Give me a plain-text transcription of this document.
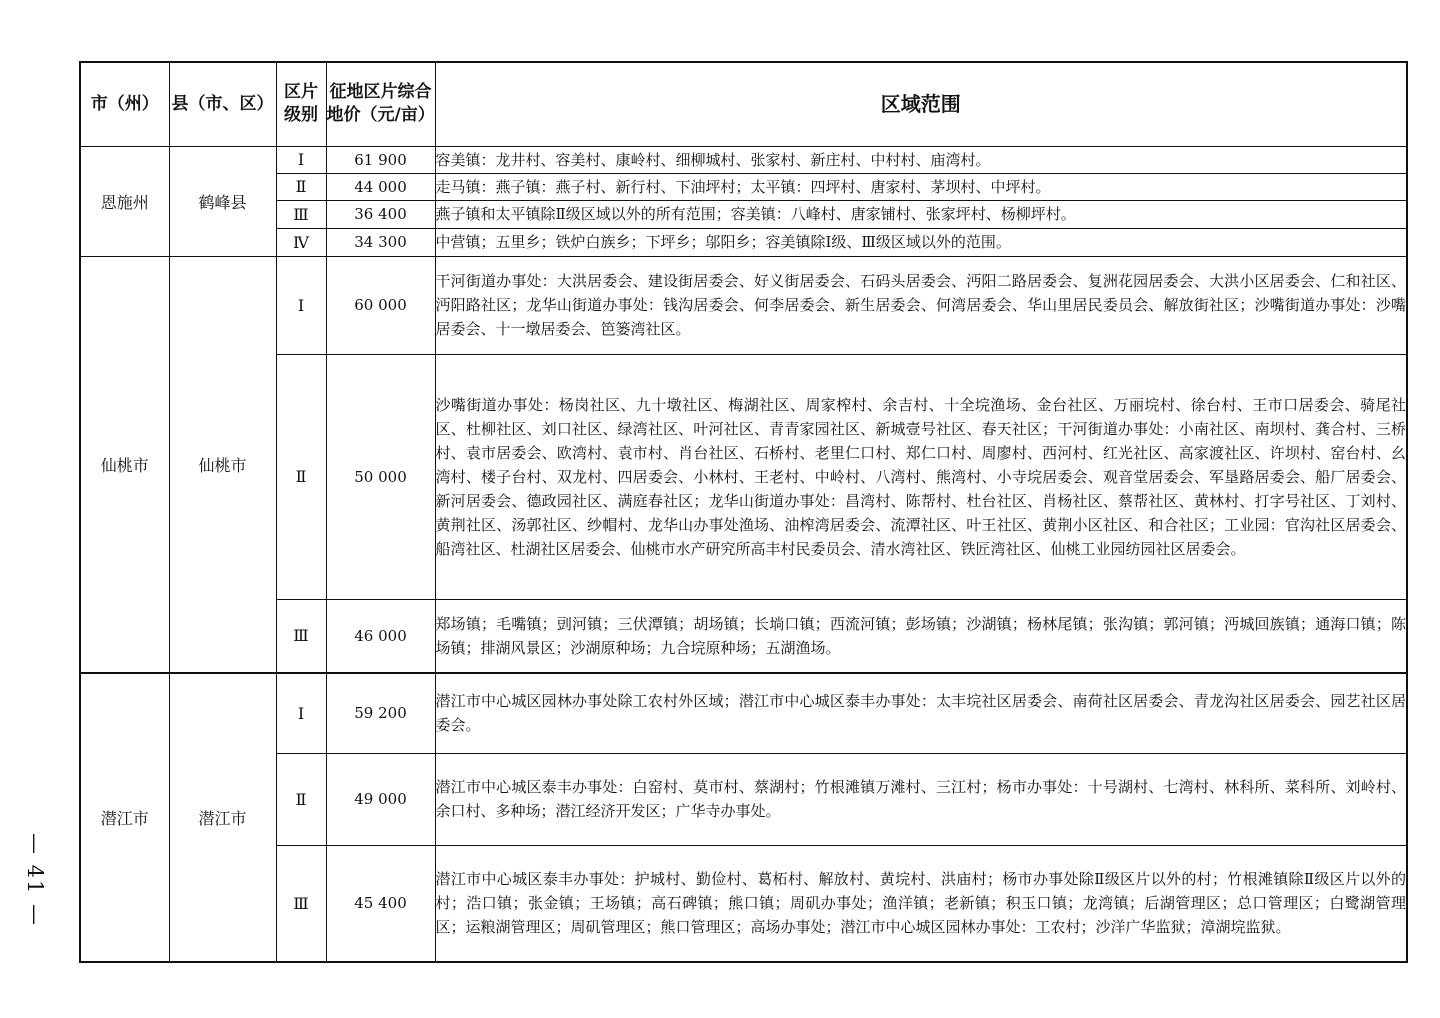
— 41 —
市（州）	县（市、区）	区片级别	征地区片综合地价（元/亩）	区域范围
恩施州	鹤峰县	Ⅰ	61 900	容美镇：龙井村、容美村、康岭村、细柳城村、张家村、新庄村、中村村、庙湾村。
		Ⅱ	44 000	走马镇：燕子镇：燕子村、新行村、下油坪村；太平镇：四坪村、唐家村、茅坝村、中坪村。
		Ⅲ	36 400	燕子镇和太平镇除Ⅱ级区域以外的所有范围；容美镇：八峰村、唐家铺村、张家坪村、杨柳坪村。
		Ⅳ	34 300	中营镇；五里乡；铁炉白族乡；下坪乡；邬阳乡；容美镇除Ⅰ级、Ⅲ级区域以外的范围。
仙桃市	仙桃市	Ⅰ	60 000	干河街道办事处：大洪居委会、建设街居委会、好义街居委会、石码头居委会、沔阳二路居委会、复洲花园居委会、大洪小区居委会、仁和社区、沔阳路社区；龙华山街道办事处：钱沟居委会、何李居委会、新生居委会、何湾居委会、华山里居民委员会、解放街社区；沙嘴街道办事处：沙嘴居委会、十一墩居委会、笆篓湾社区。
		Ⅱ	50 000	沙嘴街道办事处：杨岗社区、九十墩社区、梅湖社区、周家榨村、余吉村、十全垸渔场、金台社区、万丽垸村、徐台村、王市口居委会、骑尾社区、杜柳社区、刘口社区、绿湾社区、叶河社区、青青家园社区、新城壹号社区、春天社区；干河街道办事处：小南社区、南坝村、龚合村、三桥村、袁市居委会、欧湾村、袁市村、肖台社区、石桥村、老里仁口村、郑仁口村、周廖村、西河村、红光社区、高家渡社区、许坝村、窑台村、幺湾村、楼子台村、双龙村、四居委会、小林村、王老村、中岭村、八湾村、熊湾村、小寺垸居委会、观音堂居委会、军垦路居委会、船厂居委会、新河居委会、德政园社区、满庭春社区；龙华山街道办事处：昌湾村、陈帮村、杜台社区、肖杨社区、蔡帮社区、黄林村、打字号社区、丁刘村、黄荆社区、汤郭社区、纱帽村、龙华山办事处渔场、油榨湾居委会、流潭社区、叶王社区、黄荆小区社区、和合社区；工业园：官沟社区居委会、船湾社区、杜湖社区居委会、仙桃市水产研究所高丰村民委员会、清水湾社区、铁匠湾社区、仙桃工业园纺园社区居委会。
		Ⅲ	46 000	郑场镇；毛嘴镇；剅河镇；三伏潭镇；胡场镇；长埫口镇；西流河镇；彭场镇；沙湖镇；杨林尾镇；张沟镇；郭河镇；沔城回族镇；通海口镇；陈场镇；排湖风景区；沙湖原种场；九合垸原种场；五湖渔场。
潜江市	潜江市	Ⅰ	59 200	潜江市中心城区园林办事处除工农村外区域；潜江市中心城区泰丰办事处：太丰垸社区居委会、南荷社区居委会、青龙沟社区居委会、园艺社区居委会。
		Ⅱ	49 000	潜江市中心城区泰丰办事处：白窑村、莫市村、蔡湖村；竹根滩镇万滩村、三江村；杨市办事处：十号湖村、七湾村、林科所、菜科所、刘岭村、余口村、多种场；潜江经济开发区；广华寺办事处。
		Ⅲ	45 400	潜江市中心城区泰丰办事处：护城村、勤俭村、葛柘村、解放村、黄垸村、洪庙村；杨市办事处除Ⅱ级区片以外的村；竹根滩镇除Ⅱ级区片以外的村；浩口镇；张金镇；王场镇；高石碑镇；熊口镇；周矶办事处；渔洋镇；老新镇；积玉口镇；龙湾镇；后湖管理区；总口管理区；白鹭湖管理区；运粮湖管理区；周矶管理区；熊口管理区；高场办事处；潜江市中心城区园林办事处：工农村；沙洋广华监狱；漳湖垸监狱。
